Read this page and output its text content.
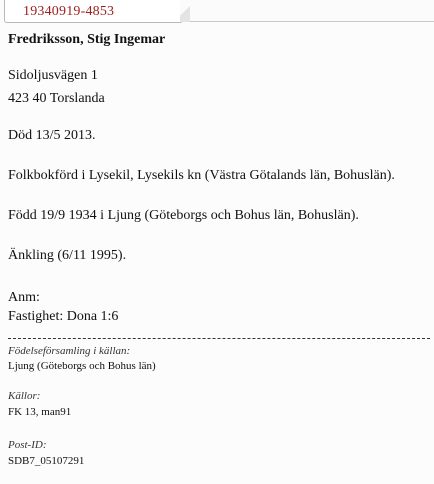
19340919-4853
Fredriksson, Stig Ingemar
Sidoljusvägen 1
423 40 Torslanda
Död 13/5 2013.
Folkbokförd i Lysekil, Lysekils kn (Västra Götalands län, Bohuslän).
Född 19/9 1934 i Ljung (Göteborgs och Bohus län, Bohuslän).
Änkling (6/11 1995).
Anm:
Fastighet: Dona 1:6
Födelseförsamling i källan:
Ljung (Göteborgs och Bohus län)
Källor:
FK 13, man91
Post-ID:
SDB7_05107291
